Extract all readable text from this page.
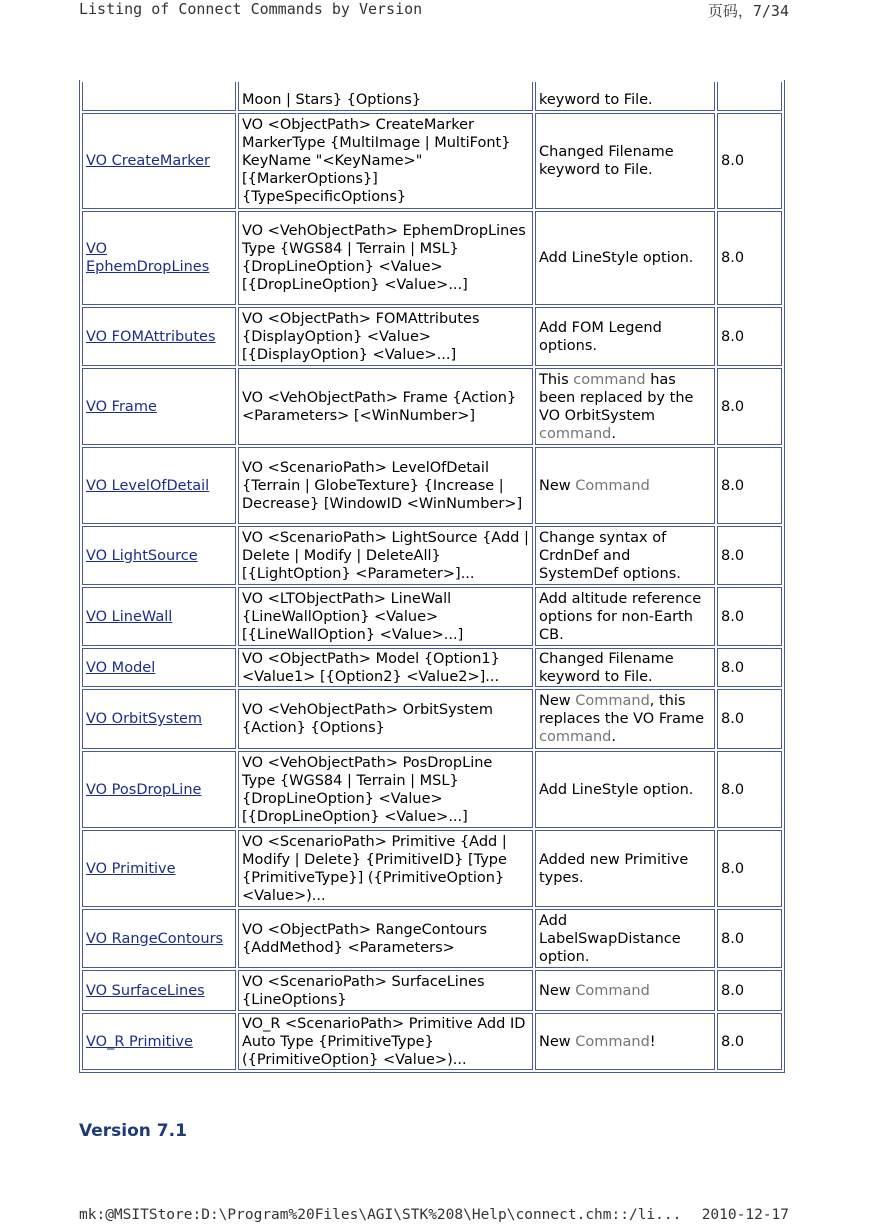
Listing of Connect Commands by Version	页码，7/34
	Moon | Stars} {Options}	keyword to File.	
VO CreateMarker	VO <ObjectPath> CreateMarker MarkerType {MultiImage | MultiFont} KeyName "<KeyName>" [{MarkerOptions}] {TypeSpecificOptions}	Changed Filename keyword to File.	8.0
VO EphemDropLines	VO <VehObjectPath> EphemDropLines Type {WGS84 | Terrain | MSL} {DropLineOption} <Value> [{DropLineOption} <Value>...]	Add LineStyle option.	8.0
VO FOMAttributes	VO <ObjectPath> FOMAttributes {DisplayOption} <Value> [{DisplayOption} <Value>...]	Add FOM Legend options.	8.0
VO Frame	VO <VehObjectPath> Frame {Action} <Parameters> [<WinNumber>]	This command has been replaced by the VO OrbitSystem command.	8.0
VO LevelOfDetail	VO <ScenarioPath> LevelOfDetail {Terrain | GlobeTexture} {Increase | Decrease} [WindowID <WinNumber>]	New Command	8.0
VO LightSource	VO <ScenarioPath> LightSource {Add | Delete | Modify | DeleteAll} [{LightOption} <Parameter>]...	Change syntax of CrdnDef and SystemDef options.	8.0
VO LineWall	VO <LTObjectPath> LineWall {LineWallOption} <Value> [{LineWallOption} <Value>...]	Add altitude reference options for non-Earth CB.	8.0
VO Model	VO <ObjectPath> Model {Option1} <Value1> [{Option2} <Value2>]...	Changed Filename keyword to File.	8.0
VO OrbitSystem	VO <VehObjectPath> OrbitSystem {Action} {Options}	New Command, this replaces the VO Frame command.	8.0
VO PosDropLine	VO <VehObjectPath> PosDropLine Type {WGS84 | Terrain | MSL} {DropLineOption} <Value> [{DropLineOption} <Value>...]	Add LineStyle option.	8.0
VO Primitive	VO <ScenarioPath> Primitive {Add | Modify | Delete} {PrimitiveID} [Type {PrimitiveType}] ({PrimitiveOption} <Value>)...	Added new Primitive types.	8.0
VO RangeContours	VO <ObjectPath> RangeContours {AddMethod} <Parameters>	Add LabelSwapDistance option.	8.0
VO SurfaceLines	VO <ScenarioPath> SurfaceLines {LineOptions}	New Command	8.0
VO_R Primitive	VO_R <ScenarioPath> Primitive Add ID Auto Type {PrimitiveType} ({PrimitiveOption} <Value>)...	New Command!	8.0
Version 7.1
mk:@MSITStore:D:\Program%20Files\AGI\STK%208\Help\connect.chm::/li... 2010-12-17
